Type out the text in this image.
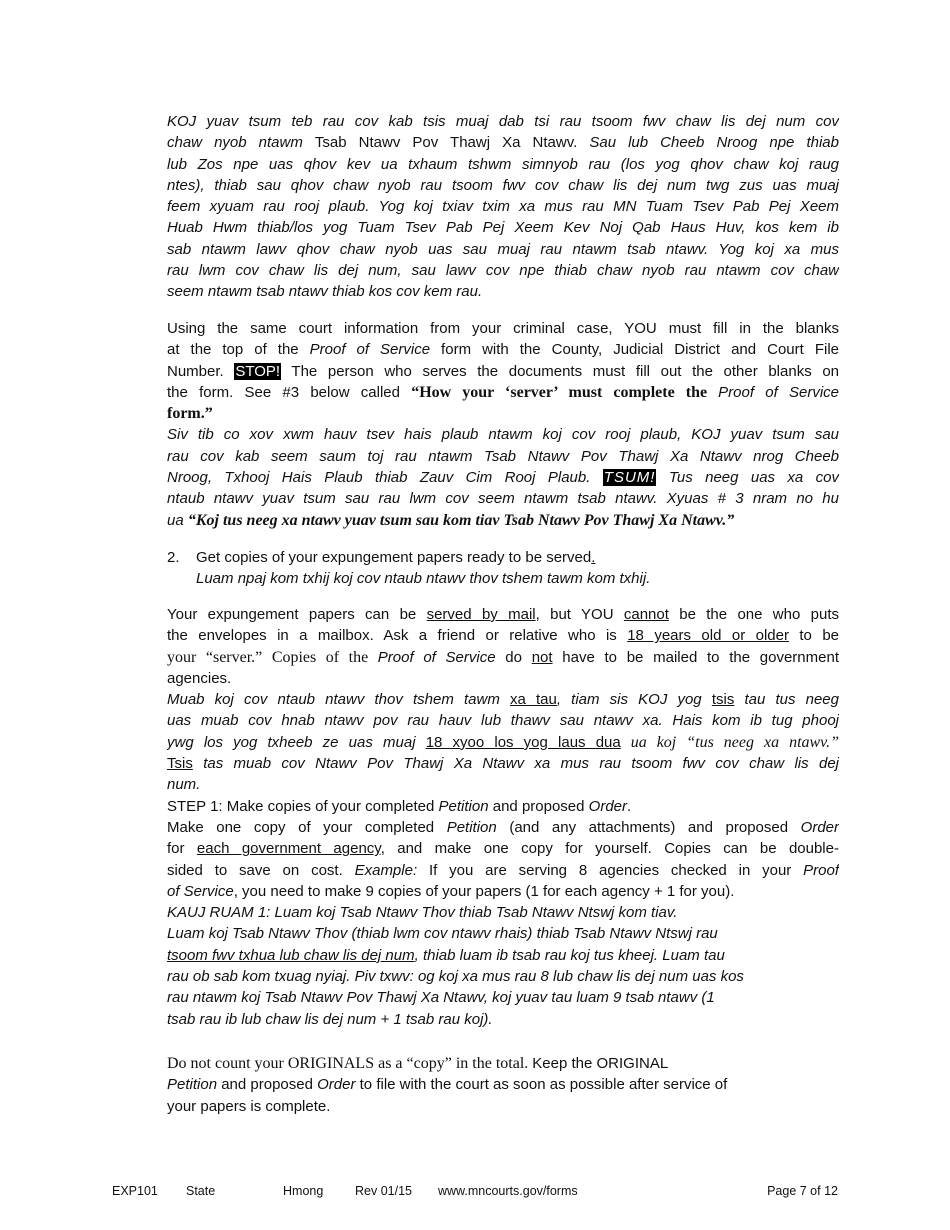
KOJ yuav tsum teb rau cov kab tsis muaj dab tsi rau tsoom fwv chaw lis dej num cov
chaw nyob ntawm Tsab Ntawv Pov Thawj Xa Ntawv. Sau lub Cheeb Nroog npe thiab
lub Zos npe uas qhov kev ua txhaum tshwm simnyob rau (los yog qhov chaw koj raug
ntes), thiab sau qhov chaw nyob rau tsoom fwv cov chaw lis dej num twg zus uas muaj
feem xyuam rau rooj plaub. Yog koj txiav txim xa mus rau MN Tuam Tsev Pab Pej Xeem
Huab Hwm thiab/los yog Tuam Tsev Pab Pej Xeem Kev Noj Qab Haus Huv, kos kem ib
sab ntawm lawv qhov chaw nyob uas sau muaj rau ntawm tsab ntawv. Yog koj xa mus
rau lwm cov chaw lis dej num, sau lawv cov npe thiab chaw nyob rau ntawm cov chaw
seem ntawm tsab ntawv thiab kos cov kem rau.
Using the same court information from your criminal case, YOU must fill in the blanks
at the top of the Proof of Service form with the County, Judicial District and Court File
Number. STOP! The person who serves the documents must fill out the other blanks on
the form. See #3 below called “How your ‘server’ must complete the Proof of Service
form.”
Siv tib co xov xwm hauv tsev hais plaub ntawm koj cov rooj plaub, KOJ yuav tsum sau
rau cov kab seem saum toj rau ntawm Tsab Ntawv Pov Thawj Xa Ntawv nrog Cheeb
Nroog, Txhooj Hais Plaub thiab Zauv Cim Rooj Plaub. TSUM! Tus neeg uas xa cov
ntaub ntawv yuav tsum sau rau lwm cov seem ntawm tsab ntawv. Xyuas # 3 nram no hu
ua “Koj tus neeg xa ntawv yuav tsum sau kom tiav Tsab Ntawv Pov Thawj Xa Ntawv.”
2. Get copies of your expungement papers ready to be served.
Luam npaj kom txhij koj cov ntaub ntawv thov tshem tawm kom txhij.
Your expungement papers can be served by mail, but YOU cannot be the one who puts
the envelopes in a mailbox. Ask a friend or relative who is 18 years old or older to be
your “server.” Copies of the Proof of Service do not have to be mailed to the government
agencies.
Muab koj cov ntaub ntawv thov tshem tawm xa tau, tiam sis KOJ yog tsis tau tus neeg
uas muab cov hnab ntawv pov rau hauv lub thawv sau ntawv xa. Hais kom ib tug phooj
ywg los yog txheeb ze uas muaj 18 xyoo los yog laus dua ua koj “tus neeg xa ntawv.”
Tsis tas muab cov Ntawv Pov Thawj Xa Ntawv xa mus rau tsoom fwv cov chaw lis dej
num.
STEP 1: Make copies of your completed Petition and proposed Order.
Make one copy of your completed Petition (and any attachments) and proposed Order
for each government agency, and make one copy for yourself. Copies can be double-
sided to save on cost. Example: If you are serving 8 agencies checked in your Proof
of Service, you need to make 9 copies of your papers (1 for each agency + 1 for you).
KAUJ RUAM 1: Luam koj Tsab Ntawv Thov thiab Tsab Ntawv Ntswj kom tiav.
Luam koj Tsab Ntawv Thov (thiab lwm cov ntawv rhais) thiab Tsab Ntawv Ntswj rau
tsoom fwv txhua lub chaw lis dej num, thiab luam ib tsab rau koj tus kheej. Luam tau
rau ob sab kom txuag nyiaj. Piv txwv: og koj xa mus rau 8 lub chaw lis dej num uas kos
rau ntawm koj Tsab Ntawv Pov Thawj Xa Ntawv, koj yuav tau luam 9 tsab ntawv (1
tsab rau ib lub chaw lis dej num + 1 tsab rau koj).
Do not count your ORIGINALS as a “copy” in the total. Keep the ORIGINAL
Petition and proposed Order to file with the court as soon as possible after service of
your papers is complete.
EXP101 State	Hmong	Rev 01/15 www.mncourts.gov/forms	Page 7 of 12
